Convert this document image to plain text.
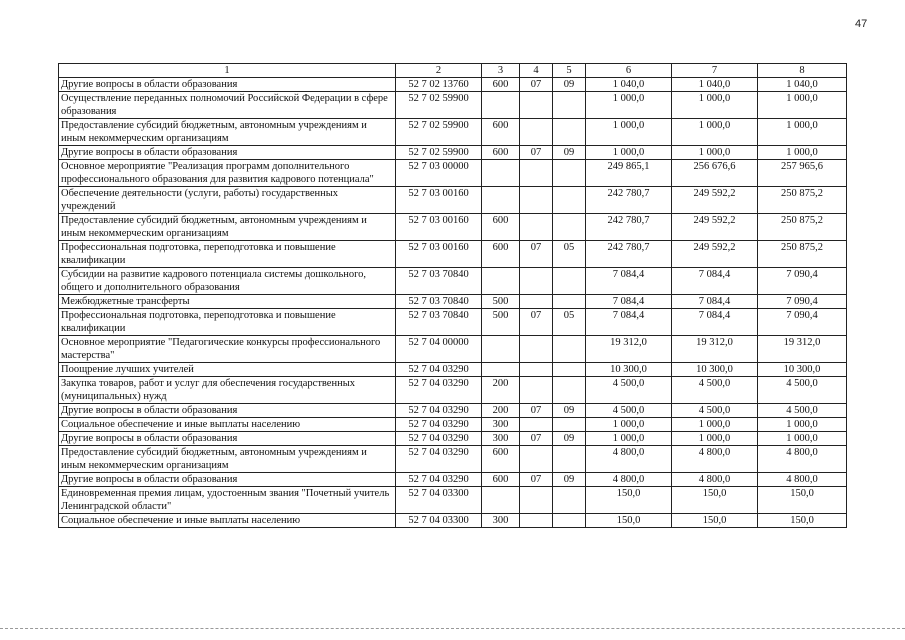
47
1	2	3	4	5	6	7	8
Другие вопросы в области образования	52 7 02 13760	600	07	09	1 040,0	1 040,0	1 040,0
Осуществление переданных полномочий Российской Федерации в сфере образования	52 7 02 59900				1 000,0	1 000,0	1 000,0
Предоставление субсидий бюджетным, автономным учреждениям и иным некоммерческим организациям	52 7 02 59900	600			1 000,0	1 000,0	1 000,0
Другие вопросы в области образования	52 7 02 59900	600	07	09	1 000,0	1 000,0	1 000,0
Основное мероприятие "Реализация программ дополнительного профессионального образования для развития кадрового потенциала"	52 7 03 00000				249 865,1	256 676,6	257 965,6
Обеспечение деятельности (услуги, работы) государственных учреждений	52 7 03 00160				242 780,7	249 592,2	250 875,2
Предоставление субсидий бюджетным, автономным учреждениям и иным некоммерческим организациям	52 7 03 00160	600			242 780,7	249 592,2	250 875,2
Профессиональная подготовка, переподготовка и повышение квалификации	52 7 03 00160	600	07	05	242 780,7	249 592,2	250 875,2
Субсидии на развитие кадрового потенциала системы дошкольного, общего и дополнительного образования	52 7 03 70840				7 084,4	7 084,4	7 090,4
Межбюджетные трансферты	52 7 03 70840	500			7 084,4	7 084,4	7 090,4
Профессиональная подготовка, переподготовка и повышение квалификации	52 7 03 70840	500	07	05	7 084,4	7 084,4	7 090,4
Основное мероприятие "Педагогические конкурсы профессионального мастерства"	52 7 04 00000				19 312,0	19 312,0	19 312,0
Поощрение лучших учителей	52 7 04 03290				10 300,0	10 300,0	10 300,0
Закупка товаров, работ и услуг для обеспечения государственных (муниципальных) нужд	52 7 04 03290	200			4 500,0	4 500,0	4 500,0
Другие вопросы в области образования	52 7 04 03290	200	07	09	4 500,0	4 500,0	4 500,0
Социальное обеспечение и иные выплаты населению	52 7 04 03290	300			1 000,0	1 000,0	1 000,0
Другие вопросы в области образования	52 7 04 03290	300	07	09	1 000,0	1 000,0	1 000,0
Предоставление субсидий бюджетным, автономным учреждениям и иным некоммерческим организациям	52 7 04 03290	600			4 800,0	4 800,0	4 800,0
Другие вопросы в области образования	52 7 04 03290	600	07	09	4 800,0	4 800,0	4 800,0
Единовременная премия лицам, удостоенным звания "Почетный учитель Ленинградской области"	52 7 04 03300				150,0	150,0	150,0
Социальное обеспечение и иные выплаты населению	52 7 04 03300	300			150,0	150,0	150,0
